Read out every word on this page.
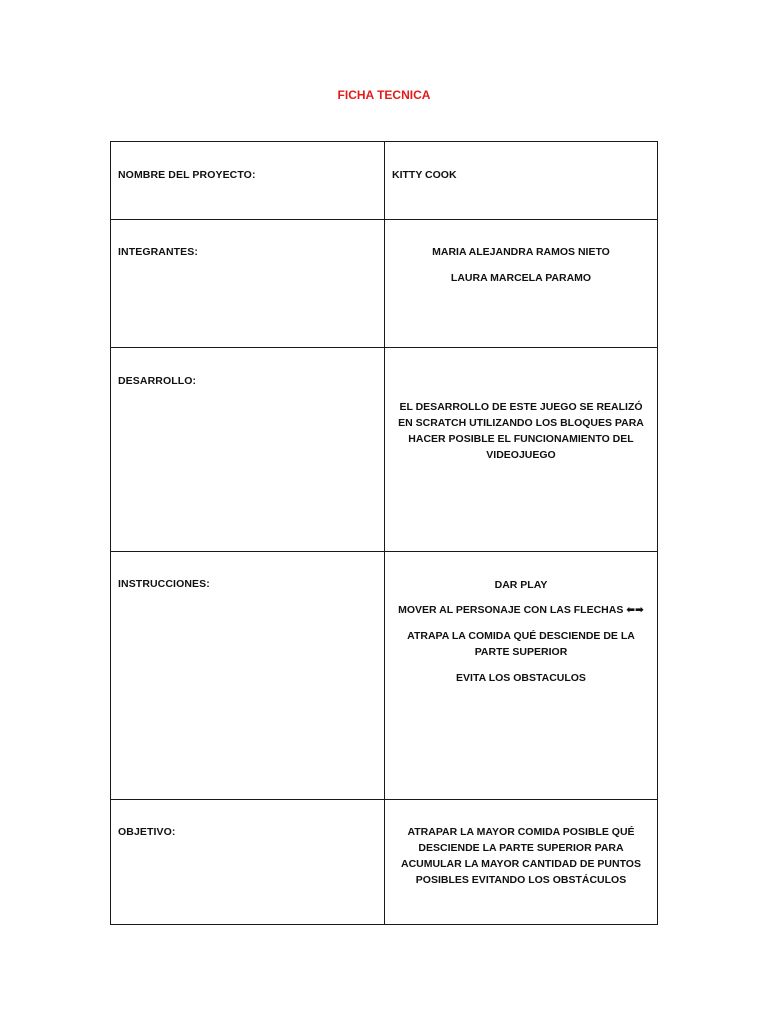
FICHA TECNICA
NOMBRE DEL PROYECTO:	KITTY COOK
INTEGRANTES:	MARIA ALEJANDRA RAMOS NIETO
LAURA MARCELA PARAMO
DESARROLLO:
EL DESARROLLO DE ESTE JUEGO SE REALIZÓ EN SCRATCH UTILIZANDO LOS BLOQUES PARA HACER POSIBLE EL FUNCIONAMIENTO DEL VIDEOJUEGO
INSTRUCCIONES:	DAR PLAY
MOVER AL PERSONAJE CON LAS FLECHAS ⬅➡
ATRAPA LA COMIDA QUÉ DESCIENDE DE LA PARTE SUPERIOR
EVITA LOS OBSTACULOS
OBJETIVO:	ATRAPAR LA MAYOR COMIDA POSIBLE QUÉ DESCIENDE LA PARTE SUPERIOR PARA ACUMULAR LA MAYOR CANTIDAD DE PUNTOS POSIBLES EVITANDO LOS OBSTÁCULOS
